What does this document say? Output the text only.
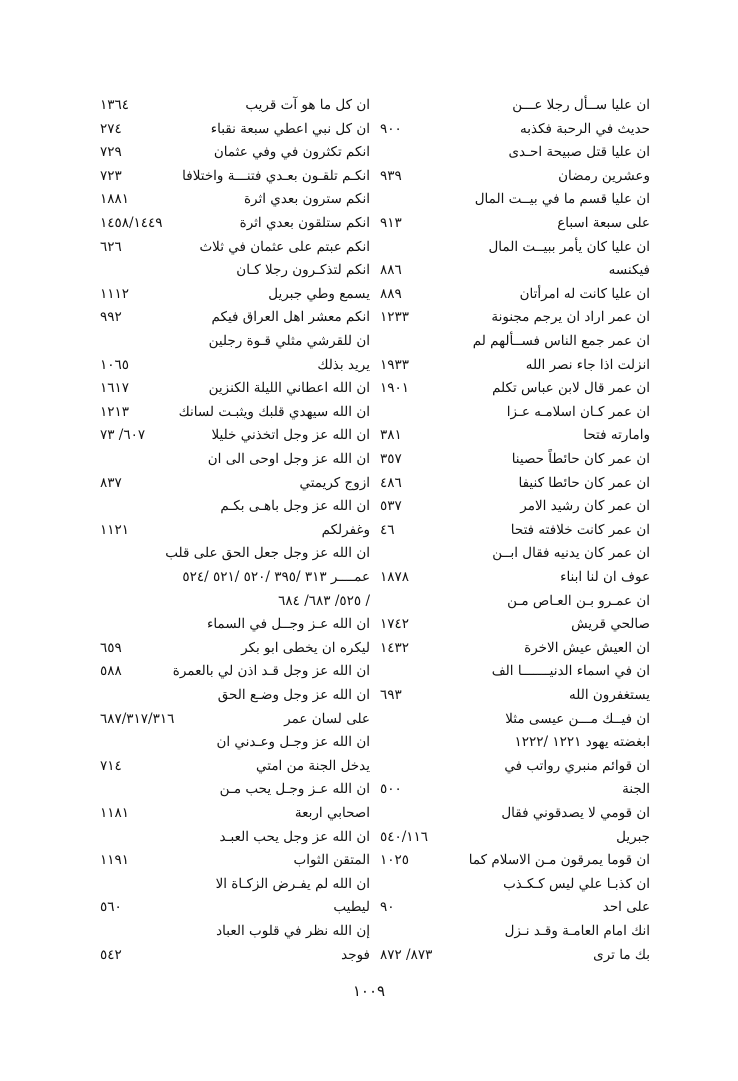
ان عليا ســأل رجلا عـــن
حديث في الرحبة فكذبه
٩٠٠
ان عليا قتل صبيحة احـدى
وعشرين رمضان
٩٣٩
ان عليا قسم ما في بيــت المال
على سبعة اسباع
٩١٣
ان عليا كان يأمر ببيــت المال
فيكنسه
٨٨٦
ان عليا كانت له امرأتان
٨٨٩
ان عمر اراد ان يرجم مجنونة
١٢٣٣
ان عمر جمع الناس فســألهم لم
انزلت اذا جاء نصر الله
١٩٣٣
ان عمر قال لابن عباس تكلم
١٩٠١
ان عمر كـان اسلامـه عـزا
وامارته فتحا
٣٨١
ان عمر كان حائطاً حصينا
٣٥٧
ان عمر كان حائطا كنيفا
٤٨٦
ان عمر كان رشيد الامر
٥٣٧
ان عمر كانت خلافته فتحا
٤٦
ان عمر كان يدنيه فقال ابــن
عوف ان لنا ابناء
١٨٧٨
ان عمـرو بـن العـاص مـن
صالحي قريش
١٧٤٢
ان العيش عيش الاخرة
١٤٣٢
ان في اسماء الدنيـــــــا الف
يستغفرون الله
٦٩٣
ان فيــك مـــن عيسى مثلا
ابغضته يهود ١٢٢١ /١٢٢٢
ان قوائم منبري رواتب في
الجنة
٥٠٠
ان قومي لا يصدقوني فقال
جبريل
٥٤٠/١١٦
ان قوما يمرقون مـن الاسلام كما
١٠٢٥
ان كذبـا علي ليس كـكـذب
على احد
٩٠
انك امام العامـة وقـد نـزل
بك ما ترى
٨٧٣/ ٨٧٢
ان كل ما هو آت قريب
١٣٦٤
ان كل نبي اعطي سبعة نقباء
٢٧٤
انكم تكثرون في وفي عثمان
٧٢٩
انكـم تلقـون بعـدي فتنـــة واختلافا
٧٢٣
انكم سترون بعدي اثرة
١٨٨١
انكم ستلقون بعدي اثرة
١٤٥٨/١٤٤٩
انكم عبتم على عثمان في ثلاث
٦٢٦
انكم لتذكـرون رجلا كـان
يسمع وطي جبريل
١١١٢
انكم معشر اهل العراق فيكم
٩٩٢
ان للقرشي مثلي قـوة رجلين
يريد بذلك
١٠٦٥
ان الله اعطاني الليلة الكنزين
١٦١٧
ان الله سيهدي قلبك ويثبـت لسانك
١٢١٣
ان الله عز وجل اتخذني خليلا
٦٠٧/ ٧٣
ان الله عز وجل اوحى الى ان
ازوج كريمتي
٨٣٧
ان الله عز وجل باهـى بكـم
وغفرلكم
١١٢١
ان الله عز وجل جعل الحق على قلب
عمــــر ٣١٣ /٣٩٥ /٥٢٠ /٥٢١ /٥٢٤
/ ٥٢٥/ ٦٨٣/ ٦٨٤
ان الله عـز وجــل في السماء
ليكره ان يخطى ابو بكر
٦٥٩
ان الله عز وجل قـد اذن لي بالعمرة
٥٨٨
ان الله عز وجل وضـع الحق
على لسان عمر
٦٨٧/٣١٧/٣١٦
ان الله عز وجـل وعـدني ان
يدخل الجنة من امتي
٧١٤
ان الله عـز وجـل يحب مـن
اصحابي اربعة
١١٨١
ان الله عز وجل يحب العبـد
المتقن الثواب
١١٩١
ان الله لم يفـرض الزكـاة الا
ليطيب
٥٦٠
إن الله نظر في قلوب العباد
فوجد
٥٤٢
١٠٠٩
